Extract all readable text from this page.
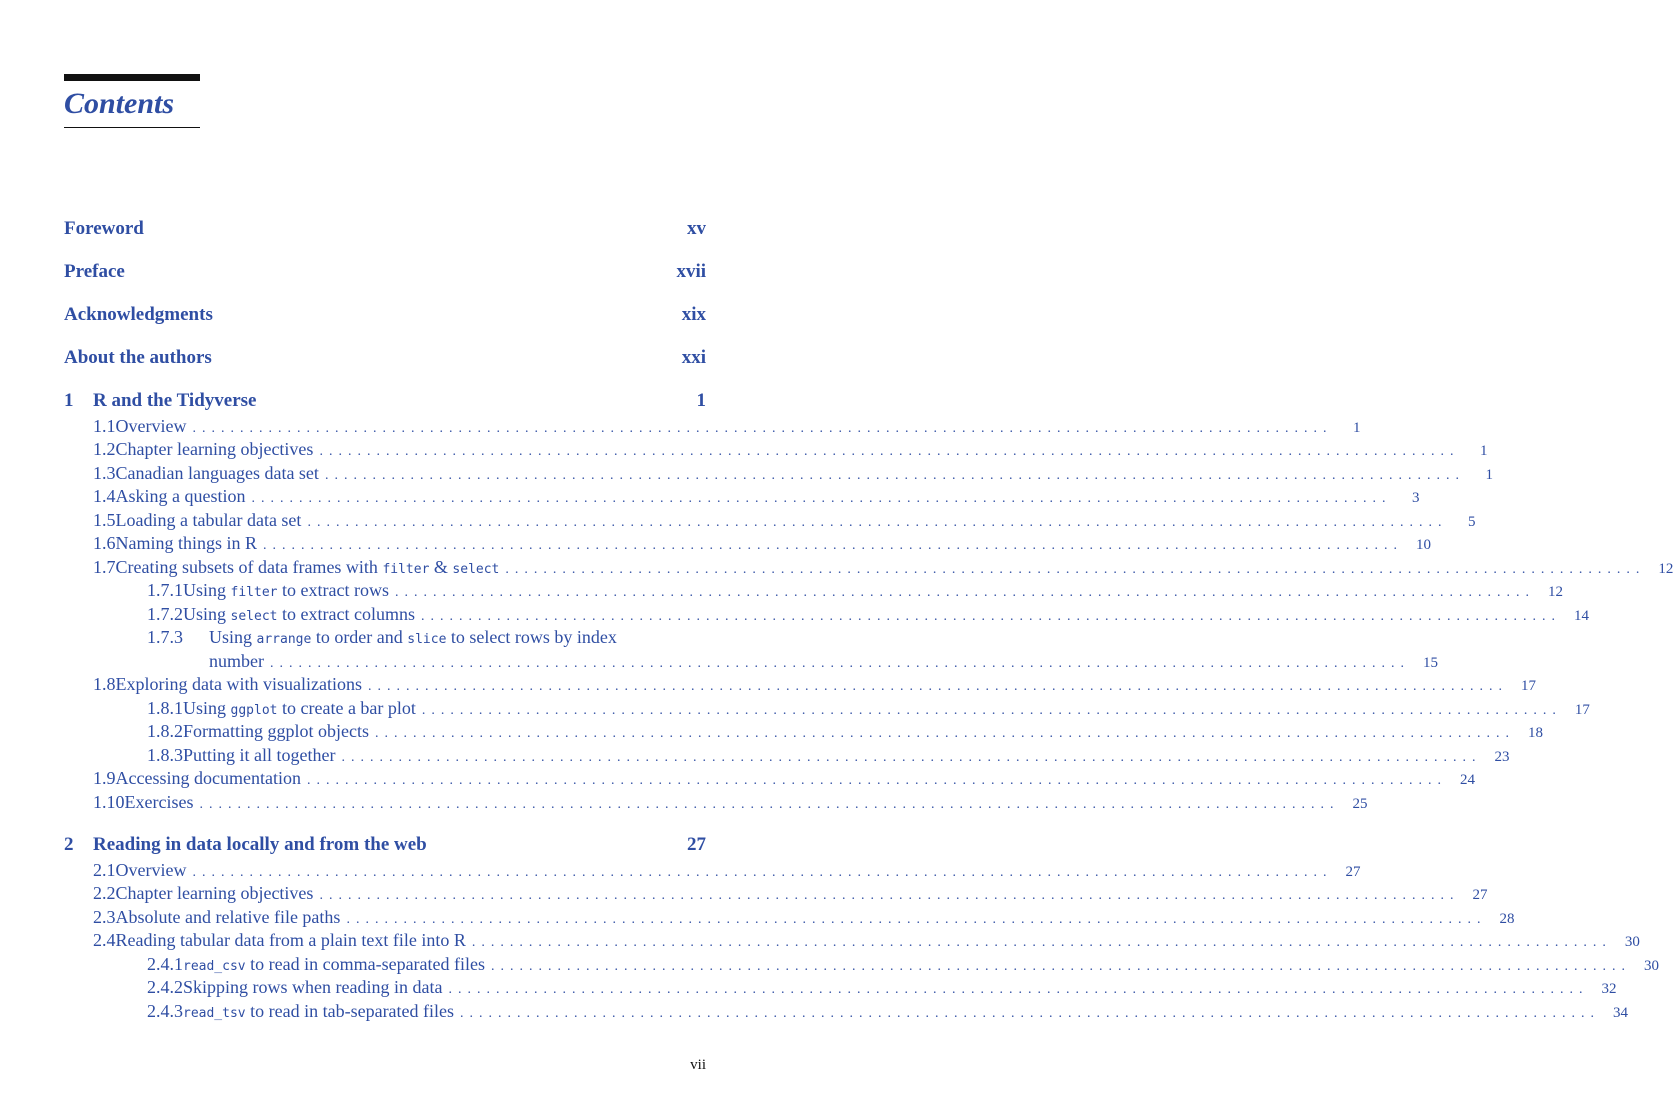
Contents
Foreword	xv
Preface	xvii
Acknowledgments	xix
About the authors	xxi
1	R and the Tidyverse	1
1.1 Overview ........................................................................................................................	1
1.2 Chapter learning objectives ........................................................................................................................	1
1.3 Canadian languages data set ........................................................................................................................	1
1.4 Asking a question ........................................................................................................................	3
1.5 Loading a tabular data set ........................................................................................................................	5
1.6 Naming things in R ........................................................................................................................ 10
1.7 Creating subsets of data frames with filter & select ........................................................................................................................ 12
1.7.1 Using filter to extract rows ........................................................................................................................ 12
1.7.2 Using select to extract columns ........................................................................................................................ 14
1.7.3	Using arrange to order and slice to select rows by index
number ........................................................................................................................ 15
1.8 Exploring data with visualizations ........................................................................................................................ 17
1.8.1 Using ggplot to create a bar plot ........................................................................................................................ 17
1.8.2 Formatting ggplot objects ........................................................................................................................ 18
1.8.3 Putting it all together ........................................................................................................................ 23
1.9 Accessing documentation ........................................................................................................................ 24
1.10 Exercises ........................................................................................................................ 25
2	Reading in data locally and from the web	27
2.1 Overview ........................................................................................................................ 27
2.2 Chapter learning objectives ........................................................................................................................ 27
2.3 Absolute and relative file paths ........................................................................................................................ 28
2.4 Reading tabular data from a plain text file into R ........................................................................................................................ 30
2.4.1 read_csv to read in comma-separated files ........................................................................................................................ 30
2.4.2 Skipping rows when reading in data ........................................................................................................................ 32
2.4.3 read_tsv to read in tab-separated files ........................................................................................................................ 34
vii
